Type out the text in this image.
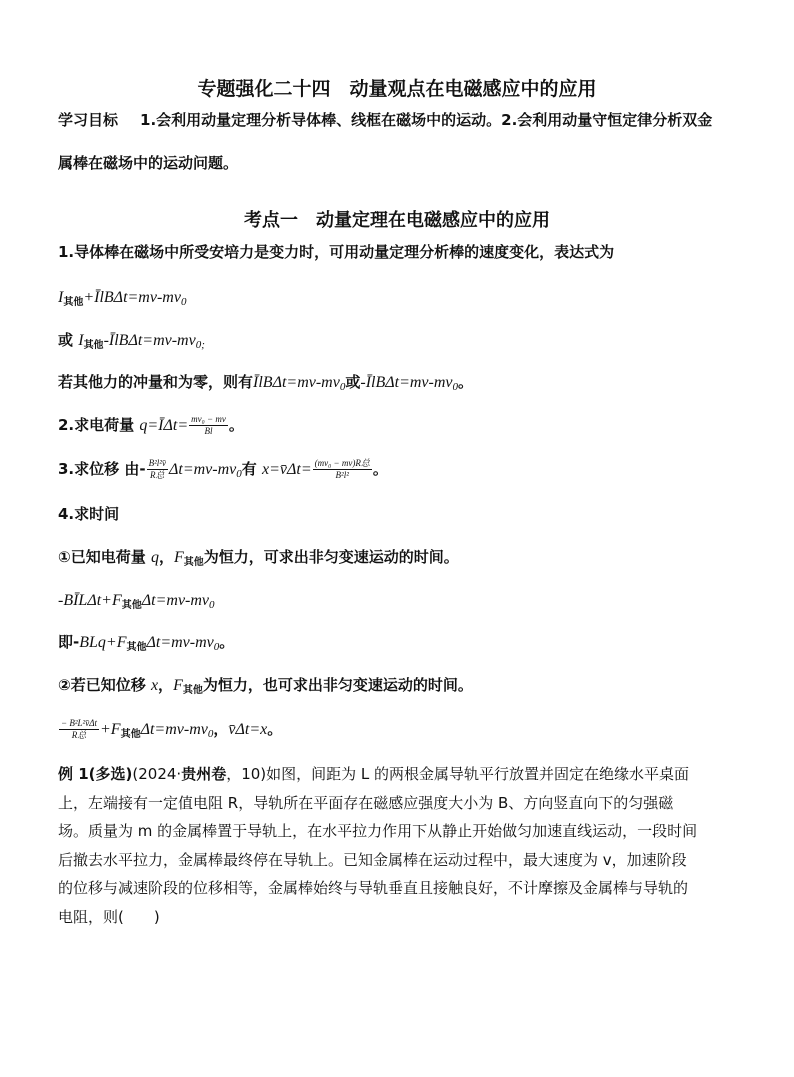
专题强化二十四　动量观点在电磁感应中的应用
学习目标 1.会利用动量定理分析导体棒、线框在磁场中的运动。2.会利用动量守恒定律分析双金
属棒在磁场中的运动问题。
考点一　动量定理在电磁感应中的应用
1.导体棒在磁场中所受安培力是变力时，可用动量定理分析棒的速度变化，表达式为
$I_{其他}+ĪlB\Delta t=mv-mv_0$
或 $I_{其他}-ĪlB\Delta t=mv-mv_{0;}$
若其他力的冲量和为零，则有$ĪlB\Delta t=mv-mv_0$或$-ĪlB\Delta t=mv-mv_0$。
2.求电荷量 q=ĪΔt= $\frac{\text{mv₀ − mv}}{Bl}$ 。
3.求位移 由- $\frac{\text{B²l²v̄}}{\text{R总}} \Delta t=mv-mv_0$有 x=v̄Δt= $\frac{\text{(mv₀ − mv)R总}}{\text{B²l²}}$ 。
4.求时间
①已知电荷量 q，$F_{其他}$为恒力，可求出非匀变速运动的时间。
$-BĪL\Delta t+F_{其他}\Delta t=mv-mv_0$
即$-BLq+F_{其他}\Delta t=mv-mv_0$。
②若已知位移 x，$F_{其他}$为恒力，也可求出非匀变速运动的时间。
$\frac{\text{− B²L²v̄Δt}}{\text{R总}} +F_{其他}\Delta t=mv-mv_0$，v̄Δt=x。
例 1(多选)(2024·贵州卷，10)如图，间距为 L 的两根金属导轨平行放置并固定在绝缘水平桌面
上，左端接有一定值电阻 R，导轨所在平面存在磁感应强度大小为 B、方向竖直向下的匀强磁
场。质量为 m 的金属棒置于导轨上，在水平拉力作用下从静止开始做匀加速直线运动，一段时间
后撤去水平拉力，金属棒最终停在导轨上。已知金属棒在运动过程中，最大速度为 v，加速阶段
的位移与减速阶段的位移相等，金属棒始终与导轨垂直且接触良好，不计摩擦及金属棒与导轨的
电阻，则(　　)
